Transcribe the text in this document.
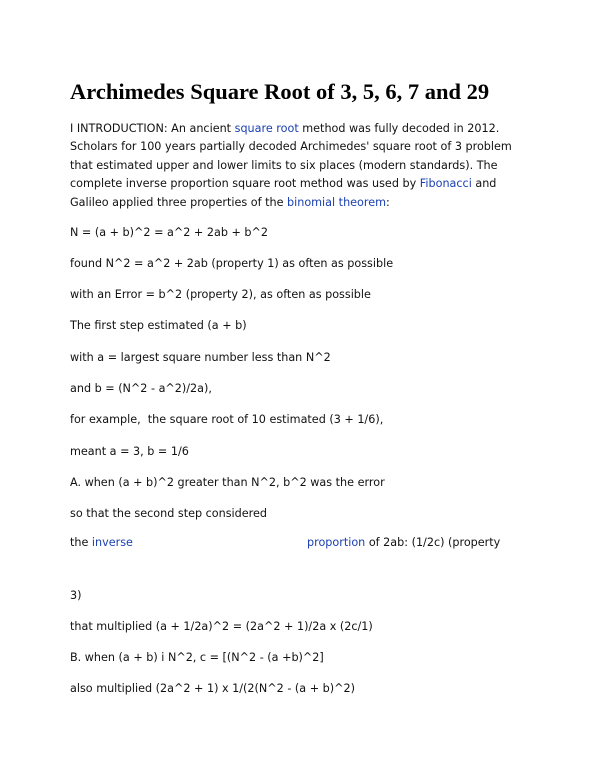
Archimedes Square Root of 3, 5, 6, 7 and 29

I INTRODUCTION: An ancient square root method was fully decoded in 2012. Scholars for 100 years partially decoded Archimedes' square root of 3 problem that estimated upper and lower limits to six places (modern standards). The complete inverse proportion square root method was used by Fibonacci and Galileo applied three properties of the binomial theorem:

N = (a + b)^2 = a^2 + 2ab + b^2

found N^2 = a^2 + 2ab (property 1) as often as possible

with an Error = b^2 (property 2), as often as possible

The first step estimated (a + b)

with a = largest square number less than N^2

and b = (N^2 - a^2)/2a),

for example,  the square root of 10 estimated (3 + 1/6),

meant a = 3, b = 1/6

A. when (a + b)^2 greater than N^2, b^2 was the error

so that the second step considered

the inverse	proportion of 2ab: (1/2c) (property

3)

that multiplied (a + 1/2a)^2 = (2a^2 + 1)/2a x (2c/1)

B. when (a + b) i N^2, c = [(N^2 - (a +b)^2]

also multiplied (2a^2 + 1) x 1/(2(N^2 - (a + b)^2)
